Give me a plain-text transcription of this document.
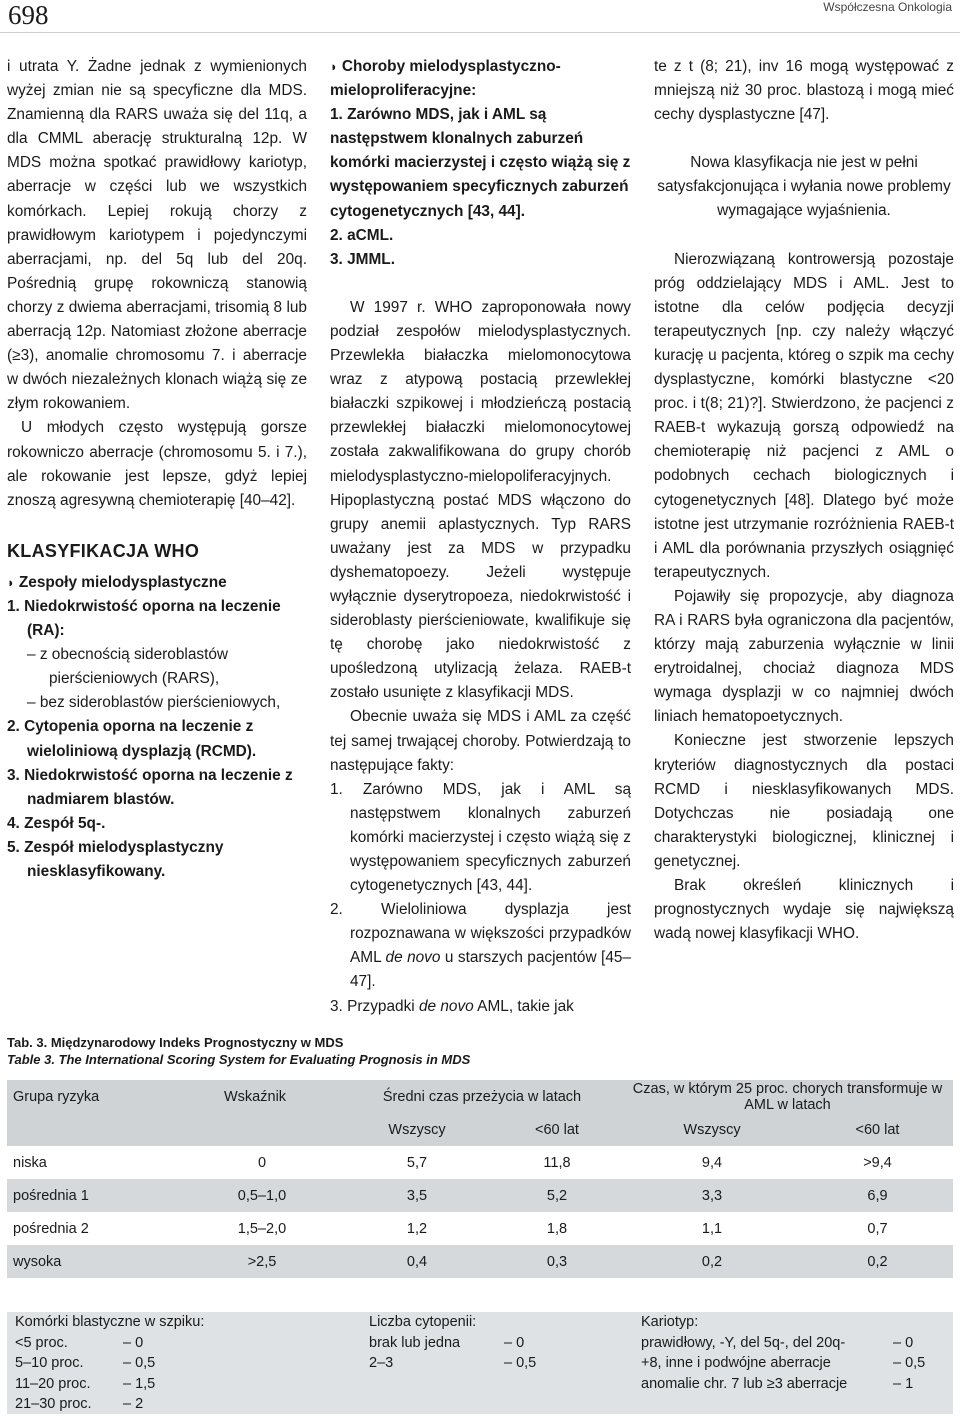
698	Współczesna Onkologia

i utrata Y. Żadne jednak z wymienionych wyżej zmian nie są specyficzne dla MDS. Znamienną dla RARS uważa się del 11q, a dla CMML aberację strukturalną 12p. W MDS można spotkać prawidłowy kariotyp, aberracje w części lub we wszystkich komórkach. Lepiej rokują chorzy z prawidłowym kariotypem i pojedynczymi aberracjami, np. del 5q lub del 20q. Pośrednią grupę rokowniczą stanowią chorzy z dwiema aberracjami, trisomią 8 lub aberracją 12p. Natomiast złożone aberracje (≥3), anomalie chromosomu 7. i aberracje w dwóch niezależnych klonach wiążą się ze złym rokowaniem.

U młodych często występują gorsze rokowniczo aberracje (chromosomu 5. i 7.), ale rokowanie jest lepsze, gdyż lepiej znoszą agresywną chemioterapię [40–42].

KLASYFIKACJA WHO

◗ Zespoły mielodysplastyczne

1. Niedokrwistość oporna na leczenie (RA):

– z obecnością sideroblastów pierścieniowych (RARS),

– bez sideroblastów pierścieniowych,

2. Cytopenia oporna na leczenie z wieloliniową dysplazją (RCMD).

3. Niedokrwistość oporna na leczenie z nadmiarem blastów.

4. Zespół 5q-.

5. Zespół mielodysplastyczny niesklasyfikowany.

◗ Choroby mielodysplastyczno-mieloproliferacyjne:

1. Zarówno MDS, jak i AML są następstwem klonalnych zaburzeń komórki macierzystej i często wiążą się z występowaniem specyficznych zaburzeń cytogenetycznych [43, 44].

2. aCML.

3. JMML.

W 1997 r. WHO zaproponowała nowy podział zespołów mielodysplastycznych. Przewlekła białaczka mielomonocytowa wraz z atypową postacią przewlekłej białaczki szpikowej i młodzieńczą postacią przewlekłej białaczki mielomonocytowej została zakwalifikowana do grupy chorób mielodysplastyczno-mielopoliferacyjnych. Hipoplastyczną postać MDS włączono do grupy anemii aplastycznych. Typ RARS uważany jest za MDS w przypadku dyshematopoezy. Jeżeli występuje wyłącznie dyserytropoeza, niedokrwistość i sideroblasty pierścieniowate, kwalifikuje się tę chorobę jako niedokrwistość z upośledzoną utylizacją żelaza. RAEB-t zostało usunięte z klasyfikacji MDS.

Obecnie uważa się MDS i AML za część tej samej trwającej choroby. Potwierdzają to następujące fakty:

1. Zarówno MDS, jak i AML są następstwem klonalnych zaburzeń komórki macierzystej i często wiążą się z występowaniem specyficznych zaburzeń cytogenetycznych [43, 44].

2. Wieloliniowa dysplazja jest rozpoznawana w większości przypadków AML de novo u starszych pacjentów [45–47].

3. Przypadki de novo AML, takie jak

te z t (8; 21), inv 16 mogą występować z mniejszą niż 30 proc. blastozą i mogą mieć cechy dysplastyczne [47].

Nowa klasyfikacja nie jest w pełni satysfakcjonująca i wyłania nowe problemy wymagające wyjaśnienia.

Nierozwiązaną kontrowersją pozostaje próg oddzielający MDS i AML. Jest to istotne dla celów podjęcia decyzji terapeutycznych [np. czy należy włączyć kurację u pacjenta, któreg o szpik ma cechy dysplastyczne, komórki blastyczne <20 proc. i t(8; 21)?]. Stwierdzono, że pacjenci z RAEB-t wykazują gorszą odpowiedź na chemioterapię niż pacjenci z AML o podobnych cechach biologicznych i cytogenetycznych [48]. Dlatego być może istotne jest utrzymanie rozróżnienia RAEB-t i AML dla porównania przyszłych osiągnięć terapeutycznych.

Pojawiły się propozycje, aby diagnoza RA i RARS była ograniczona dla pacjentów, którzy mają zaburzenia wyłącznie w linii erytroidalnej, chociaż diagnoza MDS wymaga dysplazji w co najmniej dwóch liniach hematopoetycznych.

Konieczne jest stworzenie lepszych kryteriów diagnostycznych dla postaci RCMD i niesklasyfikowanych MDS. Dotychczas nie posiadają one charakterystyki biologicznej, klinicznej i genetycznej.

Brak określeń klinicznych i prognostycznych wydaje się największą wadą nowej klasyfikacji WHO.

Tab. 3. Międzynarodowy Indeks Prognostyczny w MDS
Table 3. The International Scoring System for Evaluating Prognosis in MDS
Grupa ryzyka	Wskaźnik	Średni czas przeżycia w latach		Czas, w którym 25 proc. chorych transformuje w AML w latach	
		Wszyscy	<60 lat	Wszyscy	<60 lat
niska	0	5,7	11,8	9,4	>9,4
pośrednia 1	0,5–1,0	3,5	5,2	3,3	6,9
pośrednia 2	1,5–2,0	1,2	1,8	1,1	0,7
wysoka	>2,5	0,4	0,3	0,2	0,2
Komórki blastyczne w szpiku:
<5 proc.	– 0
5–10 proc.	– 0,5
11–20 proc. – 1,5
21–30 proc. – 2
Liczba cytopenii:
brak lub jedna	– 0
2–3	– 0,5
Kariotyp:
prawidłowy, -Y, del 5q-, del 20q-	– 0
+8, inne i podwójne aberracje	– 0,5
anomalie chr. 7 lub ≥3 aberracje	– 1
